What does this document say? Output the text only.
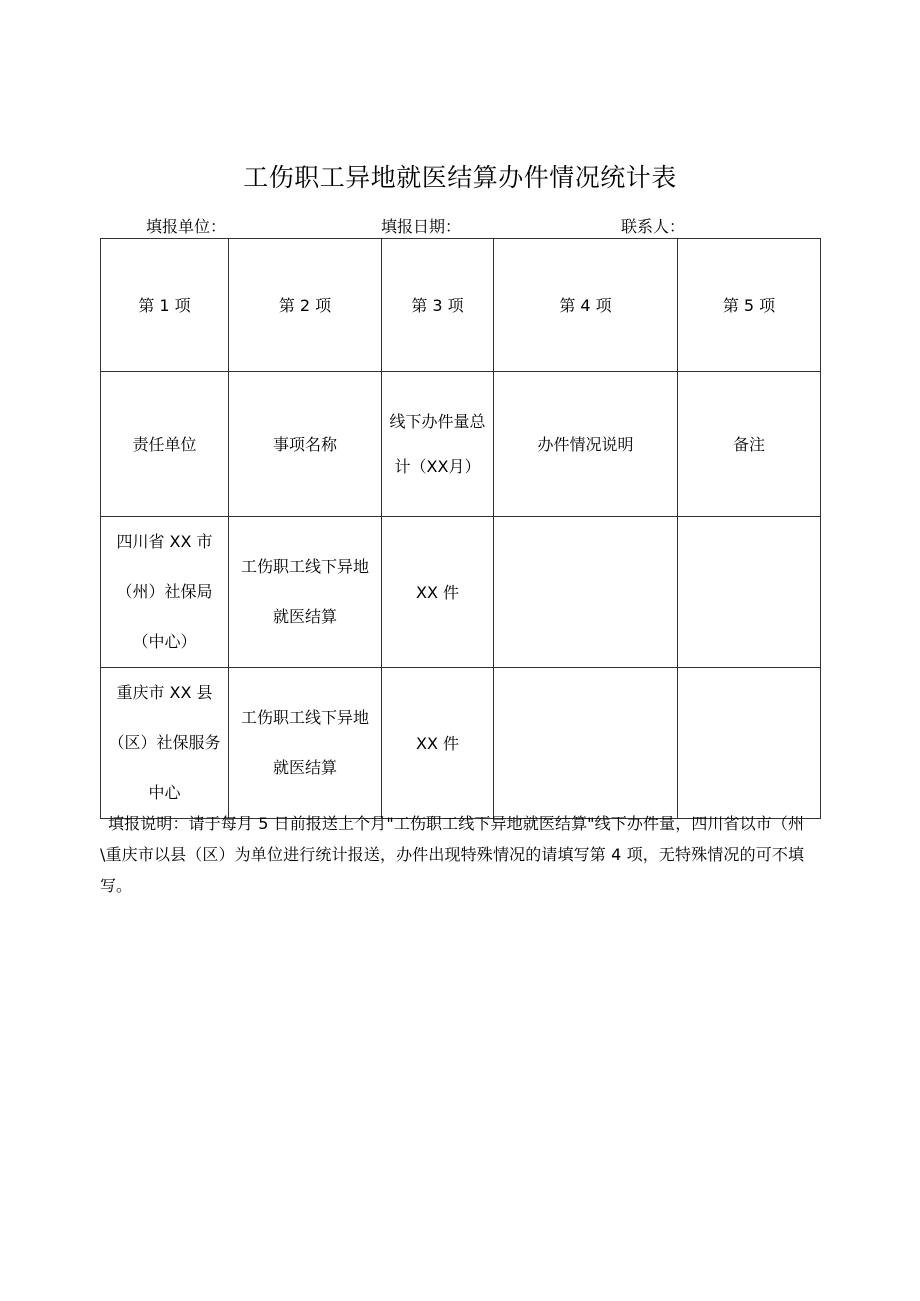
工伤职工异地就医结算办件情况统计表
填报单位：	填报日期：	联系人：
第 1 项	第 2 项	第 3 项	第 4 项	第 5 项
责任单位	事项名称	线下办件量总计（XX月）	办件情况说明	备注
四川省 XX 市（州）社保局（中心）	工伤职工线下异地就医结算	XX 件		
重庆市 XX 县（区）社保服务中心	工伤职工线下异地就医结算	XX 件		
填报说明：请于每月 5 日前报送上个月"工伤职工线下异地就医结算"线下办件量，四川省以市（州\重庆市以县（区）为单位进行统计报送，办件出现特殊情况的请填写第 4 项，无特殊情况的可不填写。
